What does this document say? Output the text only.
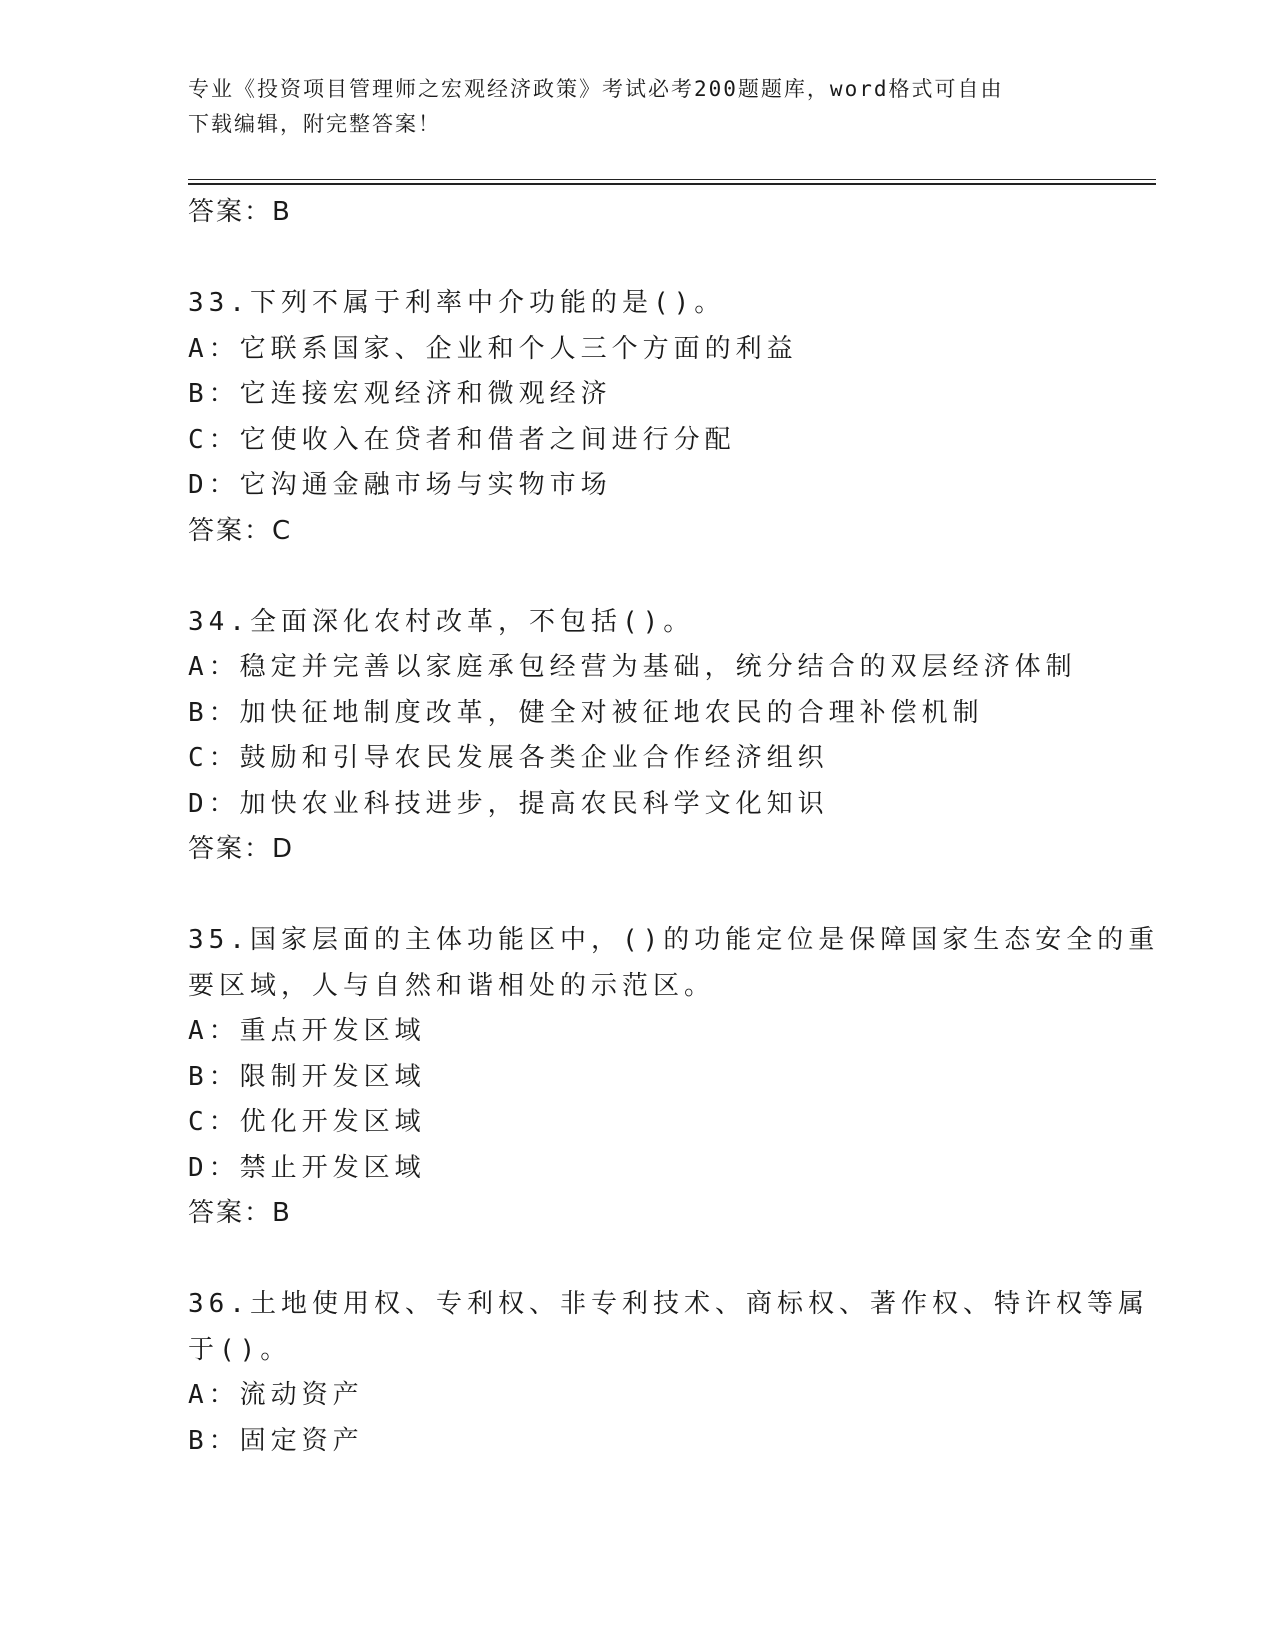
专业《投资项目管理师之宏观经济政策》考试必考200题题库，word格式可自由
下载编辑，附完整答案！
答案：B
33.下列不属于利率中介功能的是()。
A：它联系国家、企业和个人三个方面的利益
B：它连接宏观经济和微观经济
C：它使收入在贷者和借者之间进行分配
D：它沟通金融市场与实物市场
答案：C
34.全面深化农村改革，不包括()。
A：稳定并完善以家庭承包经营为基础，统分结合的双层经济体制
B：加快征地制度改革，健全对被征地农民的合理补偿机制
C：鼓励和引导农民发展各类企业合作经济组织
D：加快农业科技进步，提高农民科学文化知识
答案：D
35.国家层面的主体功能区中，()的功能定位是保障国家生态安全的重
要区域，人与自然和谐相处的示范区。
A：重点开发区域
B：限制开发区域
C：优化开发区域
D：禁止开发区域
答案：B
36.土地使用权、专利权、非专利技术、商标权、著作权、特许权等属
于()。
A：流动资产
B：固定资产
